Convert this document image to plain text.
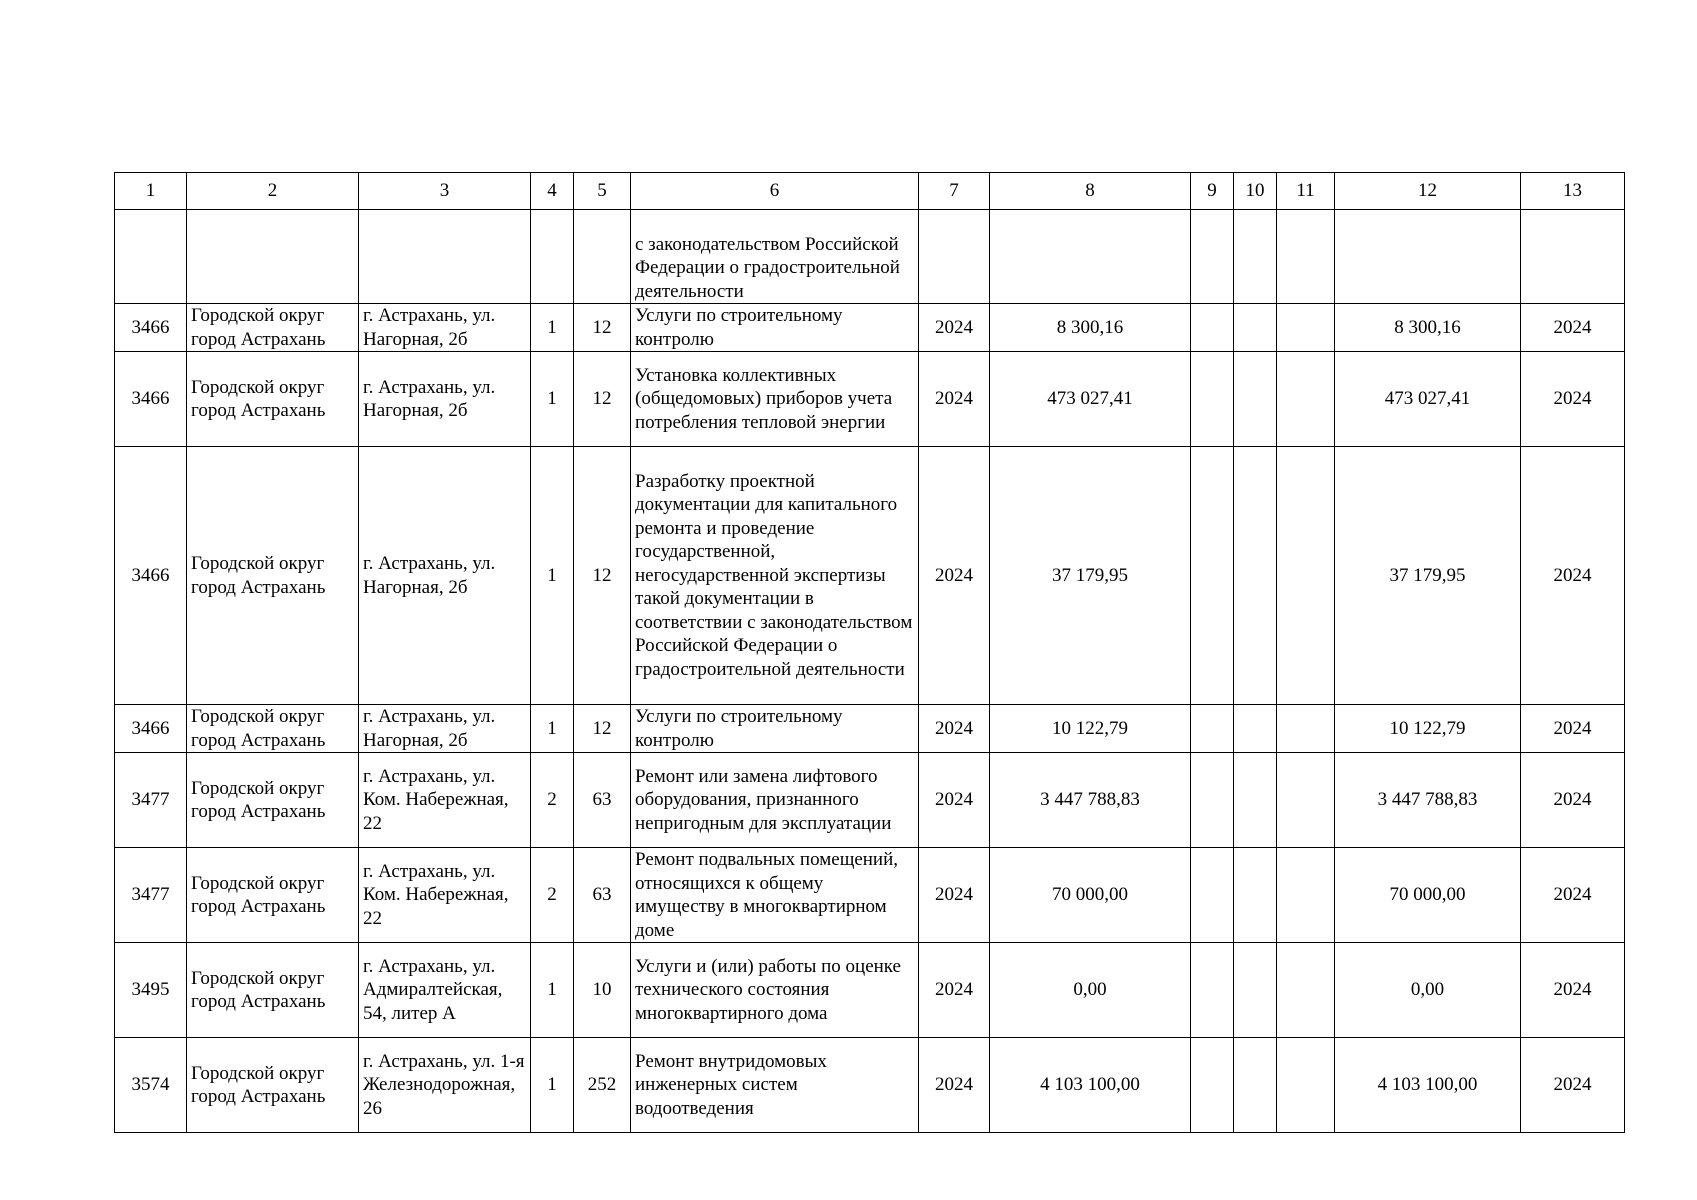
1	2	3	4	5	6	7	8	9	10	11	12	13
					с законодательством Российской Федерации о градостроительной деятельности							
3466	Городской округ город Астрахань	г. Астрахань, ул. Нагорная, 2б	1	12	Услуги по строительному контролю	2024	8 300,16				8 300,16	2024
3466	Городской округ город Астрахань	г. Астрахань, ул. Нагорная, 2б	1	12	Установка коллективных (общедомовых) приборов учета потребления тепловой энергии	2024	473 027,41				473 027,41	2024
3466	Городской округ город Астрахань	г. Астрахань, ул. Нагорная, 2б	1	12	Разработку проектной документации для капитального ремонта и проведение государственной, негосударственной экспертизы такой документации в соответствии с законодательством Российской Федерации о градостроительной деятельности	2024	37 179,95				37 179,95	2024
3466	Городской округ город Астрахань	г. Астрахань, ул. Нагорная, 2б	1	12	Услуги по строительному контролю	2024	10 122,79				10 122,79	2024
3477	Городской округ город Астрахань	г. Астрахань, ул. Ком. Набережная, 22	2	63	Ремонт или замена лифтового оборудования, признанного непригодным для эксплуатации	2024	3 447 788,83				3 447 788,83	2024
3477	Городской округ город Астрахань	г. Астрахань, ул. Ком. Набережная, 22	2	63	Ремонт подвальных помещений, относящихся к общему имуществу в многоквартирном доме	2024	70 000,00				70 000,00	2024
3495	Городской округ город Астрахань	г. Астрахань, ул. Адмиралтейская, 54, литер А	1	10	Услуги и (или) работы по оценке технического состояния многоквартирного дома	2024	0,00				0,00	2024
3574	Городской округ город Астрахань	г. Астрахань, ул. 1-я Железнодорожная, 26	1	252	Ремонт внутридомовых инженерных систем водоотведения	2024	4 103 100,00				4 103 100,00	2024
